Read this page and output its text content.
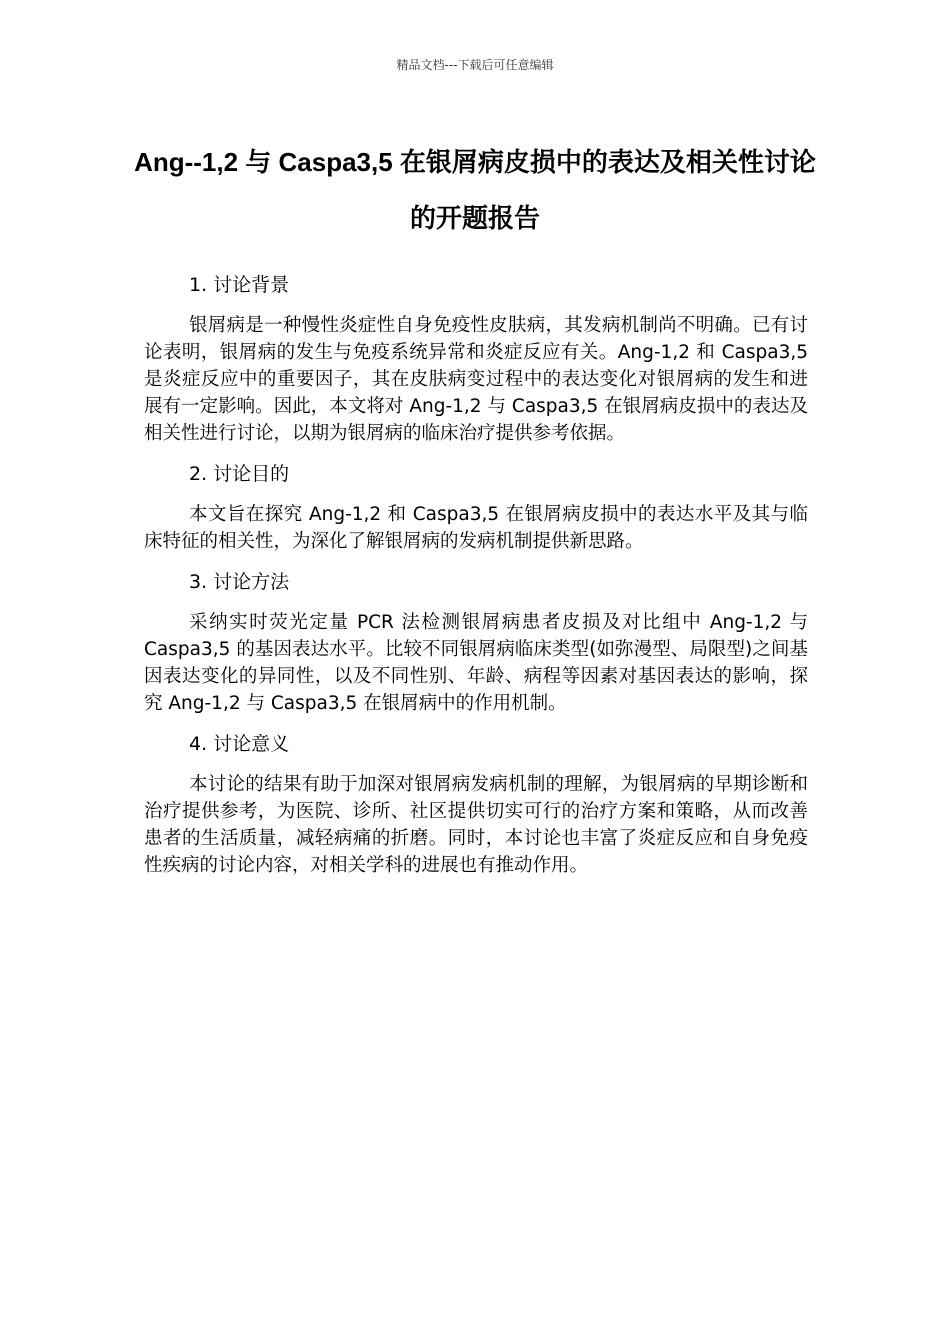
精品文档---下载后可任意编辑
Ang--1,2 与 Caspa3,5 在银屑病皮损中的表达及相关性讨论的开题报告

1. 讨论背景

银屑病是一种慢性炎症性自身免疫性皮肤病，其发病机制尚不明确。已有讨论表明，银屑病的发生与免疫系统异常和炎症反应有关。Ang-1,2 和 Caspa3,5 是炎症反应中的重要因子，其在皮肤病变过程中的表达变化对银屑病的发生和进展有一定影响。因此，本文将对 Ang-1,2 与 Caspa3,5 在银屑病皮损中的表达及相关性进行讨论，以期为银屑病的临床治疗提供参考依据。

2. 讨论目的

本文旨在探究 Ang-1,2 和 Caspa3,5 在银屑病皮损中的表达水平及其与临床特征的相关性，为深化了解银屑病的发病机制提供新思路。

3. 讨论方法

采纳实时荧光定量 PCR 法检测银屑病患者皮损及对比组中 Ang-1,2 与 Caspa3,5 的基因表达水平。比较不同银屑病临床类型(如弥漫型、局限型)之间基因表达变化的异同性，以及不同性别、年龄、病程等因素对基因表达的影响，探究 Ang-1,2 与 Caspa3,5 在银屑病中的作用机制。

4. 讨论意义

本讨论的结果有助于加深对银屑病发病机制的理解，为银屑病的早期诊断和治疗提供参考，为医院、诊所、社区提供切实可行的治疗方案和策略，从而改善患者的生活质量，减轻病痛的折磨。同时，本讨论也丰富了炎症反应和自身免疫性疾病的讨论内容，对相关学科的进展也有推动作用。
